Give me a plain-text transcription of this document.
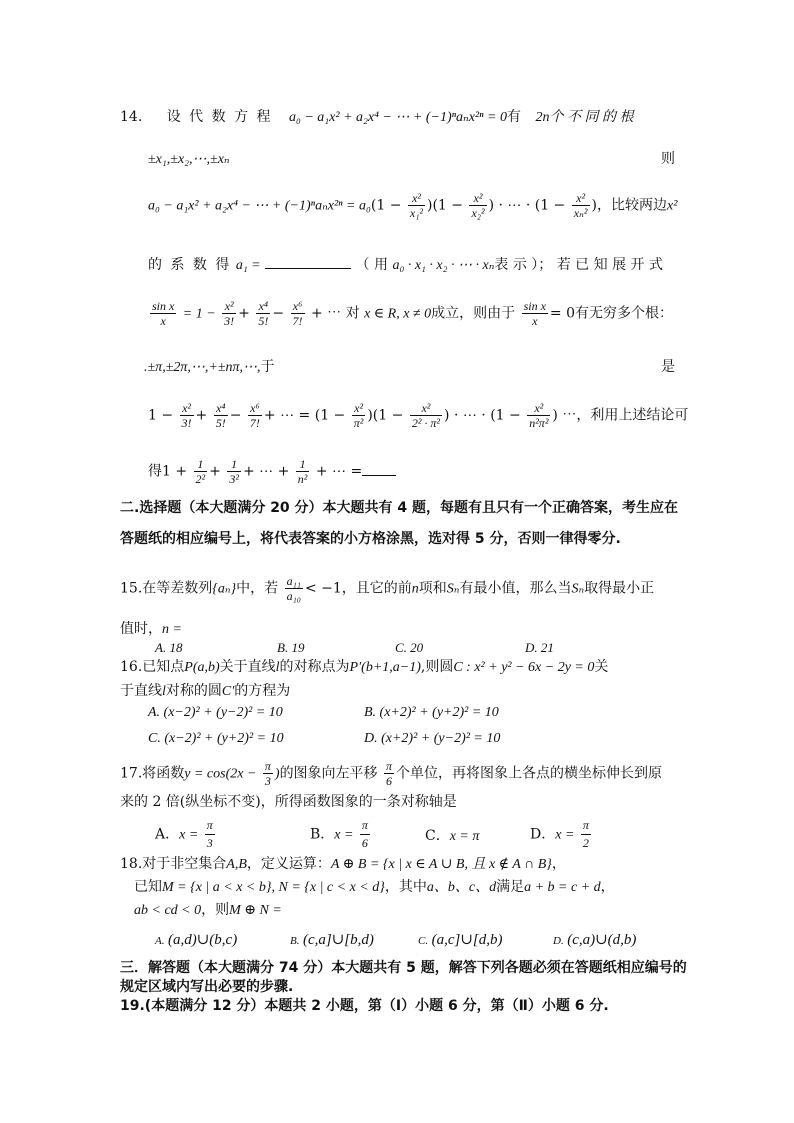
14. 设 代 数 方 程 a₀ − a₁x² + a₂x⁴ − ⋯ + (−1)ⁿaₙx²ⁿ = 0有 2n个 不 同 的 根
±x₁,±x₂,⋯,±xₙ	则
a₀ − a₁x² + a₂x⁴ − ⋯ + $(-1)^na_nx^{2n} = a_0(1 - \frac{\text{x²}}{\text{x₁²}} )(1 - \frac{\text{x²}}{\text{x₂²}}$ ) · ⋯ · ($1 - \frac{\text{x²}}{\text{xₙ²}}$ )，比较两边x²
的 系 数 得 a₁ =	（ 用 a₀ · x₁ · x₂ · ⋯ · xₙ表 示 ）； 若 已 知 展 开 式
$\frac{\text{sin x}}{x} = 1 - \frac{\text{x²}}{3!} + \frac{\text{x⁴}}{5!} - \frac{\text{x⁶}}{7!}$ + ⋯ 对 x ∈ R, x ≠ 0成立，则由于 $\frac{\text{sin x}}{x} = 0$有无穷多个根：
.±π,±2π,⋯,+±nπ,⋯,于	是
$1 - \frac{\text{x²}}{3!} + \frac{\text{x⁴}}{5!} - \frac{\text{x⁶}}{7!}$ + ⋯ = $(1 - \frac{\text{x²}}{\text{π²}} )(1 - \frac{\text{x²}}{\text{2² · π²}}$ ) · ⋯ · ($1 - \frac{\text{x²}}{\text{n²π²}}$ ) ⋯，利用上述结论可
得$1 + \frac{1}{\text{2²}} + \frac{1}{\text{3²}}$ + ⋯ + $\frac{1}{\text{n²}}$ + ⋯ =
二.选择题（本大题满分 20 分）本大题共有 4 题，每题有且只有一个正确答案，考生应在
答题纸的相应编号上，将代表答案的小方格涂黑，选对得 5 分，否则一律得零分.
15.在等差数列{aₙ}中，若 $\frac{\text{a₁₁}}{\text{a₁₀}} < -1$，且它的前n项和Sₙ有最小值，那么当Sₙ取得最小正
值时，n =
A. 18	B. 19	C. 20	D. 21
16.已知点P(a,b)关于直线l的对称点为P′(b+1,a−1),则圆C : x² + y² − 6x − 2y = 0关
于直线l对称的圆C′的方程为
A. (x−2)² + (y−2)² = 10	B. (x+2)² + (y+2)² = 10
C. (x−2)² + (y+2)² = 10	D. (x+2)² + (y−2)² = 10
17.将函数$y = \cos(2x - \frac{\pi}{3}$ )的图象向左平移 $\frac{\pi}{6}$ 个单位，再将图象上各点的横坐标伸长到原
来的 2 倍(纵坐标不变)，所得函数图象的一条对称轴是
A．$x = \frac{\pi}{3}$	B．$x = \frac{\pi}{6}$	C．x = π	D．$x = \frac{\pi}{2}$
18.对于非空集合A,B，定义运算：A ⊕ B = {x | x ∈ A ∪ B, 且 x ∉ A ∩ B}，
已知M = {x | a < x < b}, N = {x | c < x < d}，其中a、b、c、d满足a + b = c + d，
ab < cd < 0，则M ⊕ N =
A. (a,d)∪(b,c)	B. (c,a]∪[b,d)	C. (a,c]∪[d,b)	D. (c,a)∪(d,b)
三．解答题（本大题满分 74 分）本大题共有 5 题，解答下列各题必须在答题纸相应编号的
规定区域内写出必要的步骤.
19.(本题满分 12 分）本题共 2 小题，第（Ⅰ）小题 6 分，第（Ⅱ）小题 6 分.
